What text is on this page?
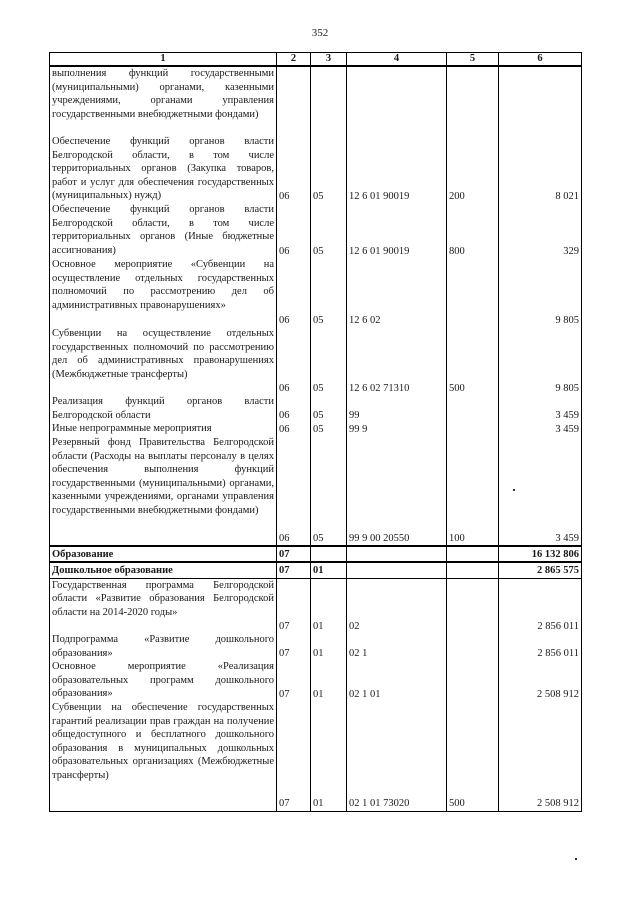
352
1	2	3	4	5	6
выполнения функций государственными (муниципальными) органами, казенными учреждениями, органами управления государственными внебюджетными фондами)					
Обеспечение функций органов власти Белгородской области, в том числе территориальных органов (Закупка товаров, работ и услуг для обеспечения государственных (муниципальных) нужд)	06	05	12 6 01 90019	200	8 021
Обеспечение функций органов власти Белгородской области, в том числе территориальных органов (Иные бюджетные ассигнования)	06	05	12 6 01 90019	800	329
Основное мероприятие «Субвенции на осуществление отдельных государственных полномочий по рассмотрению дел об административных правонарушениях»	06	05	12 6 02		9 805
Субвенции на осуществление отдельных государственных полномочий по рассмотрению дел об административных правонарушениях (Межбюджетные трансферты)	06	05	12 6 02 71310	500	9 805
Реализация функций органов власти Белгородской области	06	05	99		3 459
Иные непрограммные мероприятия	06	05	99 9		3 459
Резервный фонд Правительства Белгородской области (Расходы на выплаты персоналу в целях обеспечения выполнения функций государственными (муниципальными) органами, казенными учреждениями, органами управления государственными внебюджетными фондами)	06	05	99 9 00 20550	100	3 459
Образование	07				16 132 806
Дошкольное образование	07	01			2 865 575
Государственная программа Белгородской области «Развитие образования Белгородской области на 2014-2020 годы»	07	01	02		2 856 011
Подпрограмма «Развитие дошкольного образования»	07	01	02 1		2 856 011
Основное мероприятие «Реализация образовательных программ дошкольного образования»	07	01	02 1 01		2 508 912
Субвенции на обеспечение государственных гарантий реализации прав граждан на получение общедоступного и бесплатного дошкольного образования в муниципальных дошкольных образовательных организациях (Межбюджетные трансферты)	07	01	02 1 01 73020	500	2 508 912
